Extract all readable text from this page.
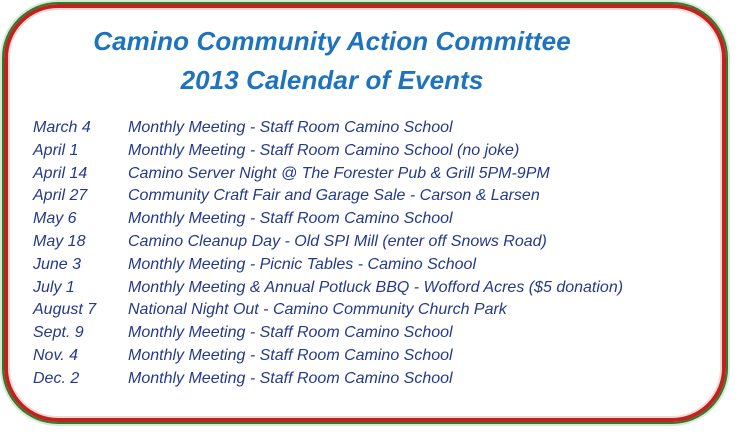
Camino Community Action Committee
2013 Calendar of Events
March 4	Monthly Meeting - Staff Room Camino School
April 1	Monthly Meeting - Staff Room Camino School (no joke)
April 14	Camino Server Night @ The Forester Pub & Grill 5PM-9PM
April 27	Community Craft Fair and Garage Sale - Carson & Larsen
May 6	Monthly Meeting - Staff Room Camino School
May 18	Camino Cleanup Day - Old SPI Mill (enter off Snows Road)
June 3	Monthly Meeting - Picnic Tables - Camino School
July 1	Monthly Meeting & Annual Potluck BBQ - Wofford Acres ($5 donation)
August 7	National Night Out - Camino Community Church Park
Sept. 9	Monthly Meeting - Staff Room Camino School
Nov. 4	Monthly Meeting - Staff Room Camino School
Dec. 2	Monthly Meeting - Staff Room Camino School
